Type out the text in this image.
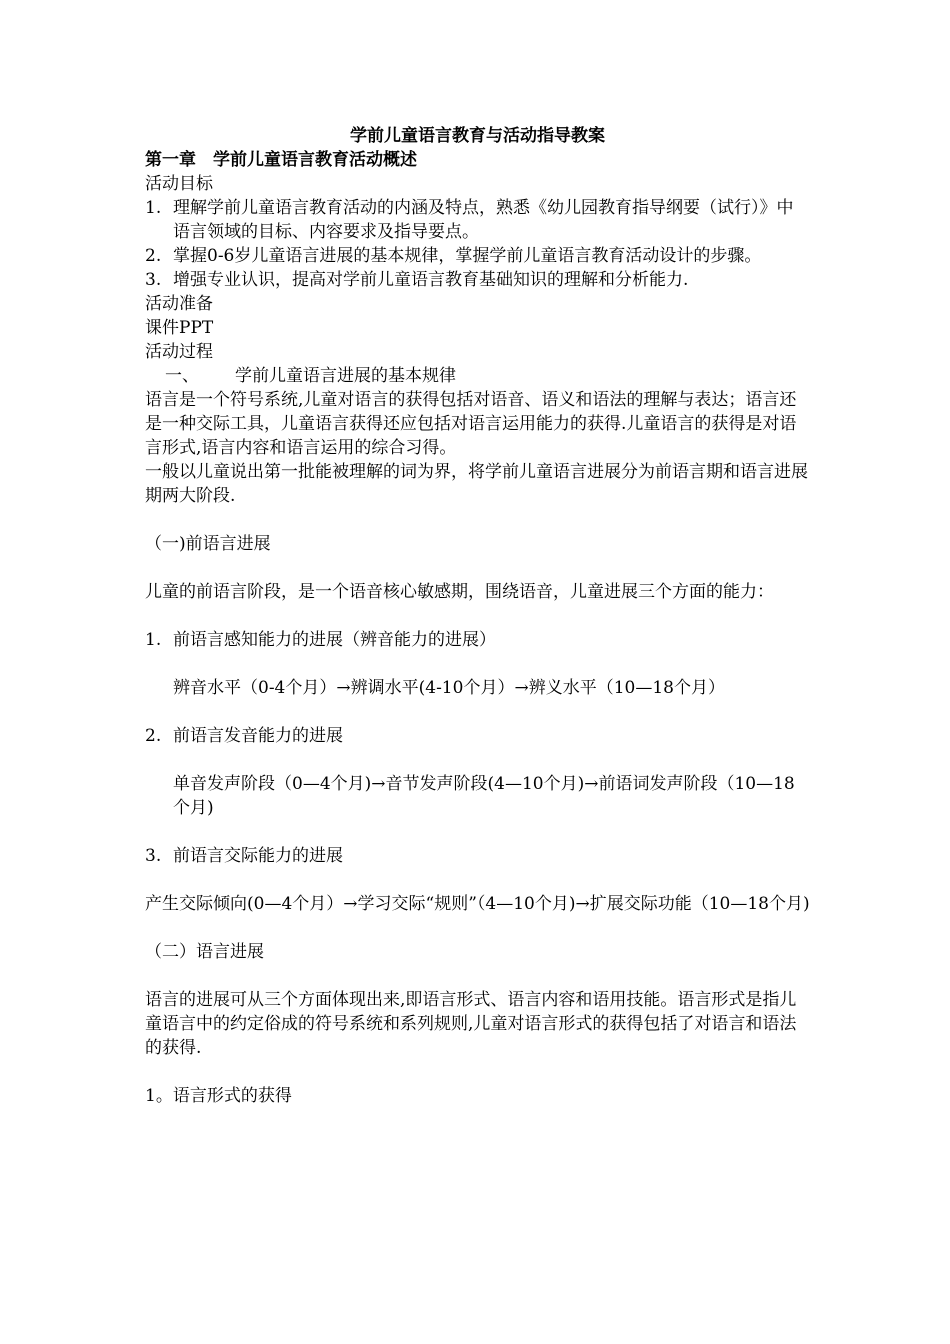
学前儿童语言教育与活动指导教案
第一章　学前儿童语言教育活动概述
活动目标
1. 理解学前儿童语言教育活动的内涵及特点，熟悉《幼儿园教育指导纲要（试行）》中语言领域的目标、内容要求及指导要点。
2. 掌握0-6岁儿童语言进展的基本规律，掌握学前儿童语言教育活动设计的步骤。
3. 增强专业认识，提高对学前儿童语言教育基础知识的理解和分析能力.
活动准备
课件PPT
活动过程
一、 学前儿童语言进展的基本规律
语言是一个符号系统,儿童对语言的获得包括对语音、语义和语法的理解与表达；语言还是一种交际工具，儿童语言获得还应包括对语言运用能力的获得.儿童语言的获得是对语言形式,语言内容和语言运用的综合习得。
一般以儿童说出第一批能被理解的词为界，将学前儿童语言进展分为前语言期和语言进展期两大阶段.
（一)前语言进展
儿童的前语言阶段，是一个语音核心敏感期，围绕语音，儿童进展三个方面的能力：
1. 前语言感知能力的进展（辨音能力的进展）
辨音水平（0-4个月）→辨调水平(4-10个月）→辨义水平（10—18个月）
2. 前语言发音能力的进展
单音发声阶段（0—4个月)→音节发声阶段(4—10个月)→前语词发声阶段（10—18个月)
3. 前语言交际能力的进展
产生交际倾向(0—4个月）→学习交际“规则”（4—10个月)→扩展交际功能（10—18个月)
（二）语言进展
语言的进展可从三个方面体现出来,即语言形式、语言内容和语用技能。语言形式是指儿童语言中的约定俗成的符号系统和系列规则,儿童对语言形式的获得包括了对语言和语法的获得.
1。语言形式的获得
